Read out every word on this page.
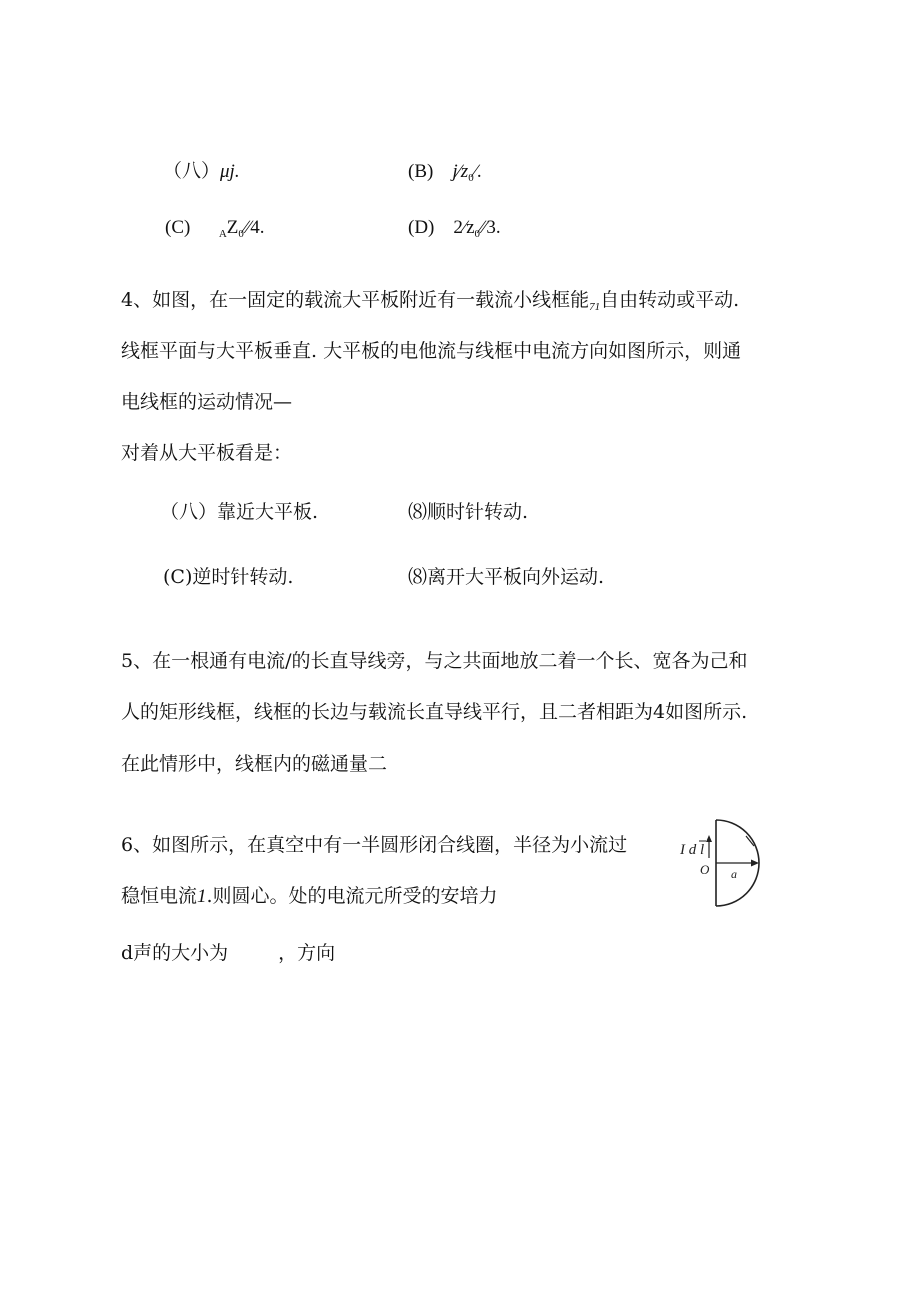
（八）μj.	(B) $j∕z_0∕$.
(C)	$_AZ_0∕∕4$.	(D) $2∕z_0∕∕3$.
4、如图，在一固定的载流大平板附近有一载流小线框能$_{71}$自由转动或平动.
线框平面与大平板垂直. 大平板的电他流与线框中电流方向如图所示，则通
电线框的运动情况—
对着从大平板看是：
（八）靠近大平板.	⑻顺时针转动.
(C)逆时针转动.	⑻离开大平板向外运动.
5、在一根通有电流/的长直导线旁，与之共面地放二着一个长、宽各为己和
人的矩形线框，线框的长边与载流长直导线平行，且二者相距为4如图所示.
在此情形中，线框内的磁通量二
6、如图所示，在真空中有一半圆形闭合线圈，半径为小流过
稳恒电流1.则圆心。处的电流元所受的安培力
d声的大小为	，方向
I d l
O a
